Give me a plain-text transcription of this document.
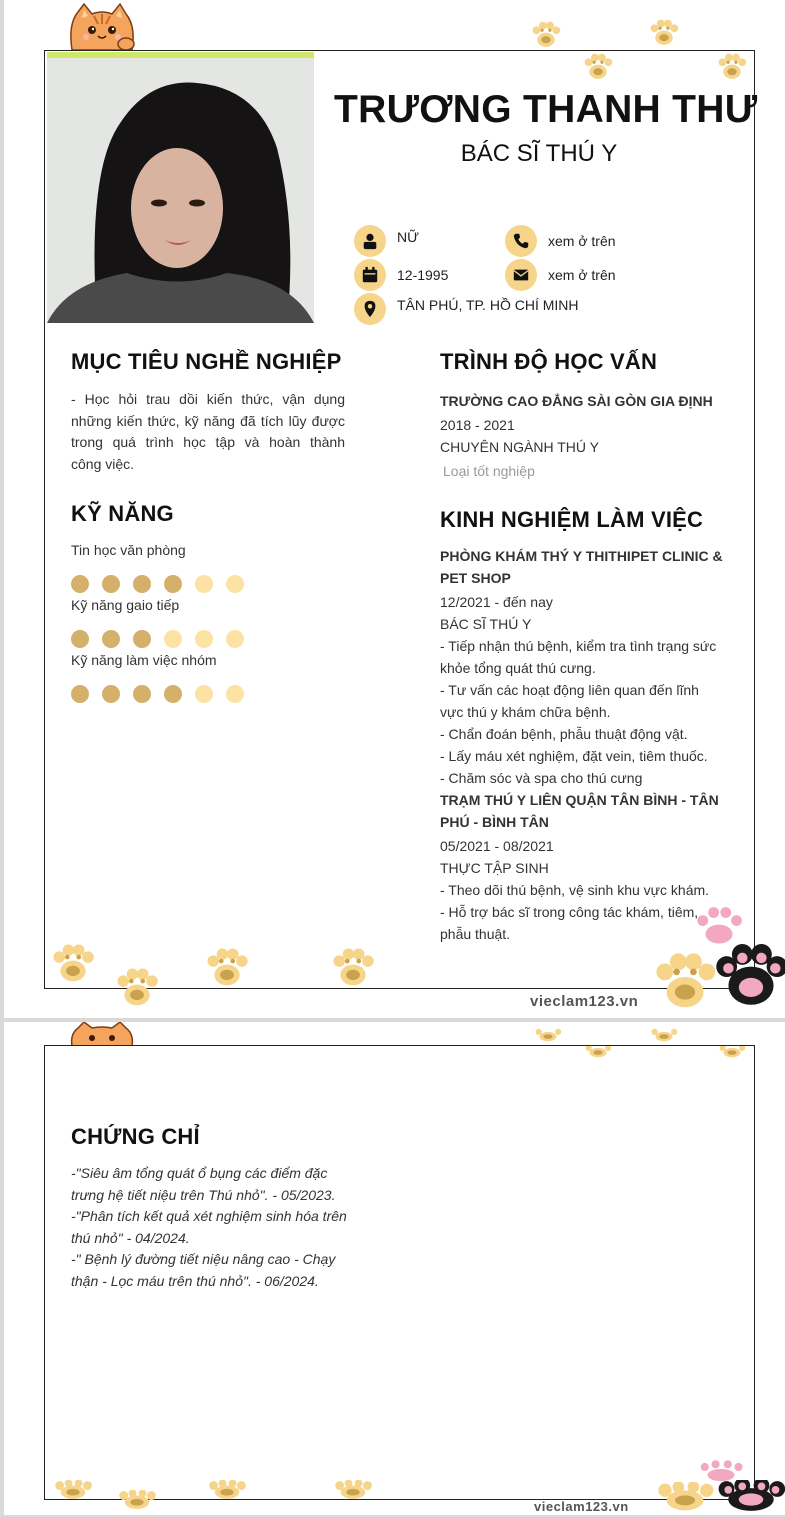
TRƯƠNG THANH THƯ
BÁC SĨ THÚ Y
NỮ	xem ở trên
12-1995	xem ở trên
TÂN PHÚ, TP. HỒ CHÍ MINH
MỤC TIÊU NGHỀ NGHIỆP
- Học hỏi trau dồi kiến thức, vận dụng
những kiến thức, kỹ năng đã tích lũy được
trong quá trình học tập và hoàn thành
công việc.
KỸ NĂNG
Tin học văn phòng
Kỹ năng gaio tiếp
Kỹ năng làm việc nhóm
TRÌNH ĐỘ HỌC VẤN
TRƯỜNG CAO ĐẲNG SÀI GÒN GIA ĐỊNH
2018 - 2021
CHUYÊN NGÀNH THÚ Y
Loại tốt nghiệp
KINH NGHIỆM LÀM VIỆC
PHÒNG KHÁM THÝ Y THITHIPET CLINIC &
PET SHOP
12/2021 - đến nay
BÁC SĨ THÚ Y
- Tiếp nhận thú bệnh, kiểm tra tình trạng sức
khỏe tổng quát thú cưng.
- Tư vấn các hoạt động liên quan đến lĩnh
vực thú y khám chữa bệnh.
- Chẩn đoán bệnh, phẫu thuật động vật.
- Lấy máu xét nghiệm, đặt vein, tiêm thuốc.
- Chăm sóc và spa cho thú cưng
TRẠM THÚ Y LIÊN QUẬN TÂN BÌNH - TÂN
PHÚ - BÌNH TÂN
05/2021 - 08/2021
THỰC TẬP SINH
- Theo dõi thú bệnh, vệ sinh khu vực khám.
- Hỗ trợ bác sĩ trong công tác khám, tiêm,
phẫu thuật.
vieclam123.vn
CHỨNG CHỈ
-"Siêu âm tổng quát ổ bụng các điểm đặc
trưng hệ tiết niệu trên Thú nhỏ". - 05/2023.
-"Phân tích kết quả xét nghiệm sinh hóa trên
thú nhỏ" - 04/2024.
-" Bệnh lý đường tiết niệu nâng cao - Chạy
thận - Lọc máu trên thú nhỏ". - 06/2024.
vieclam123.vn
